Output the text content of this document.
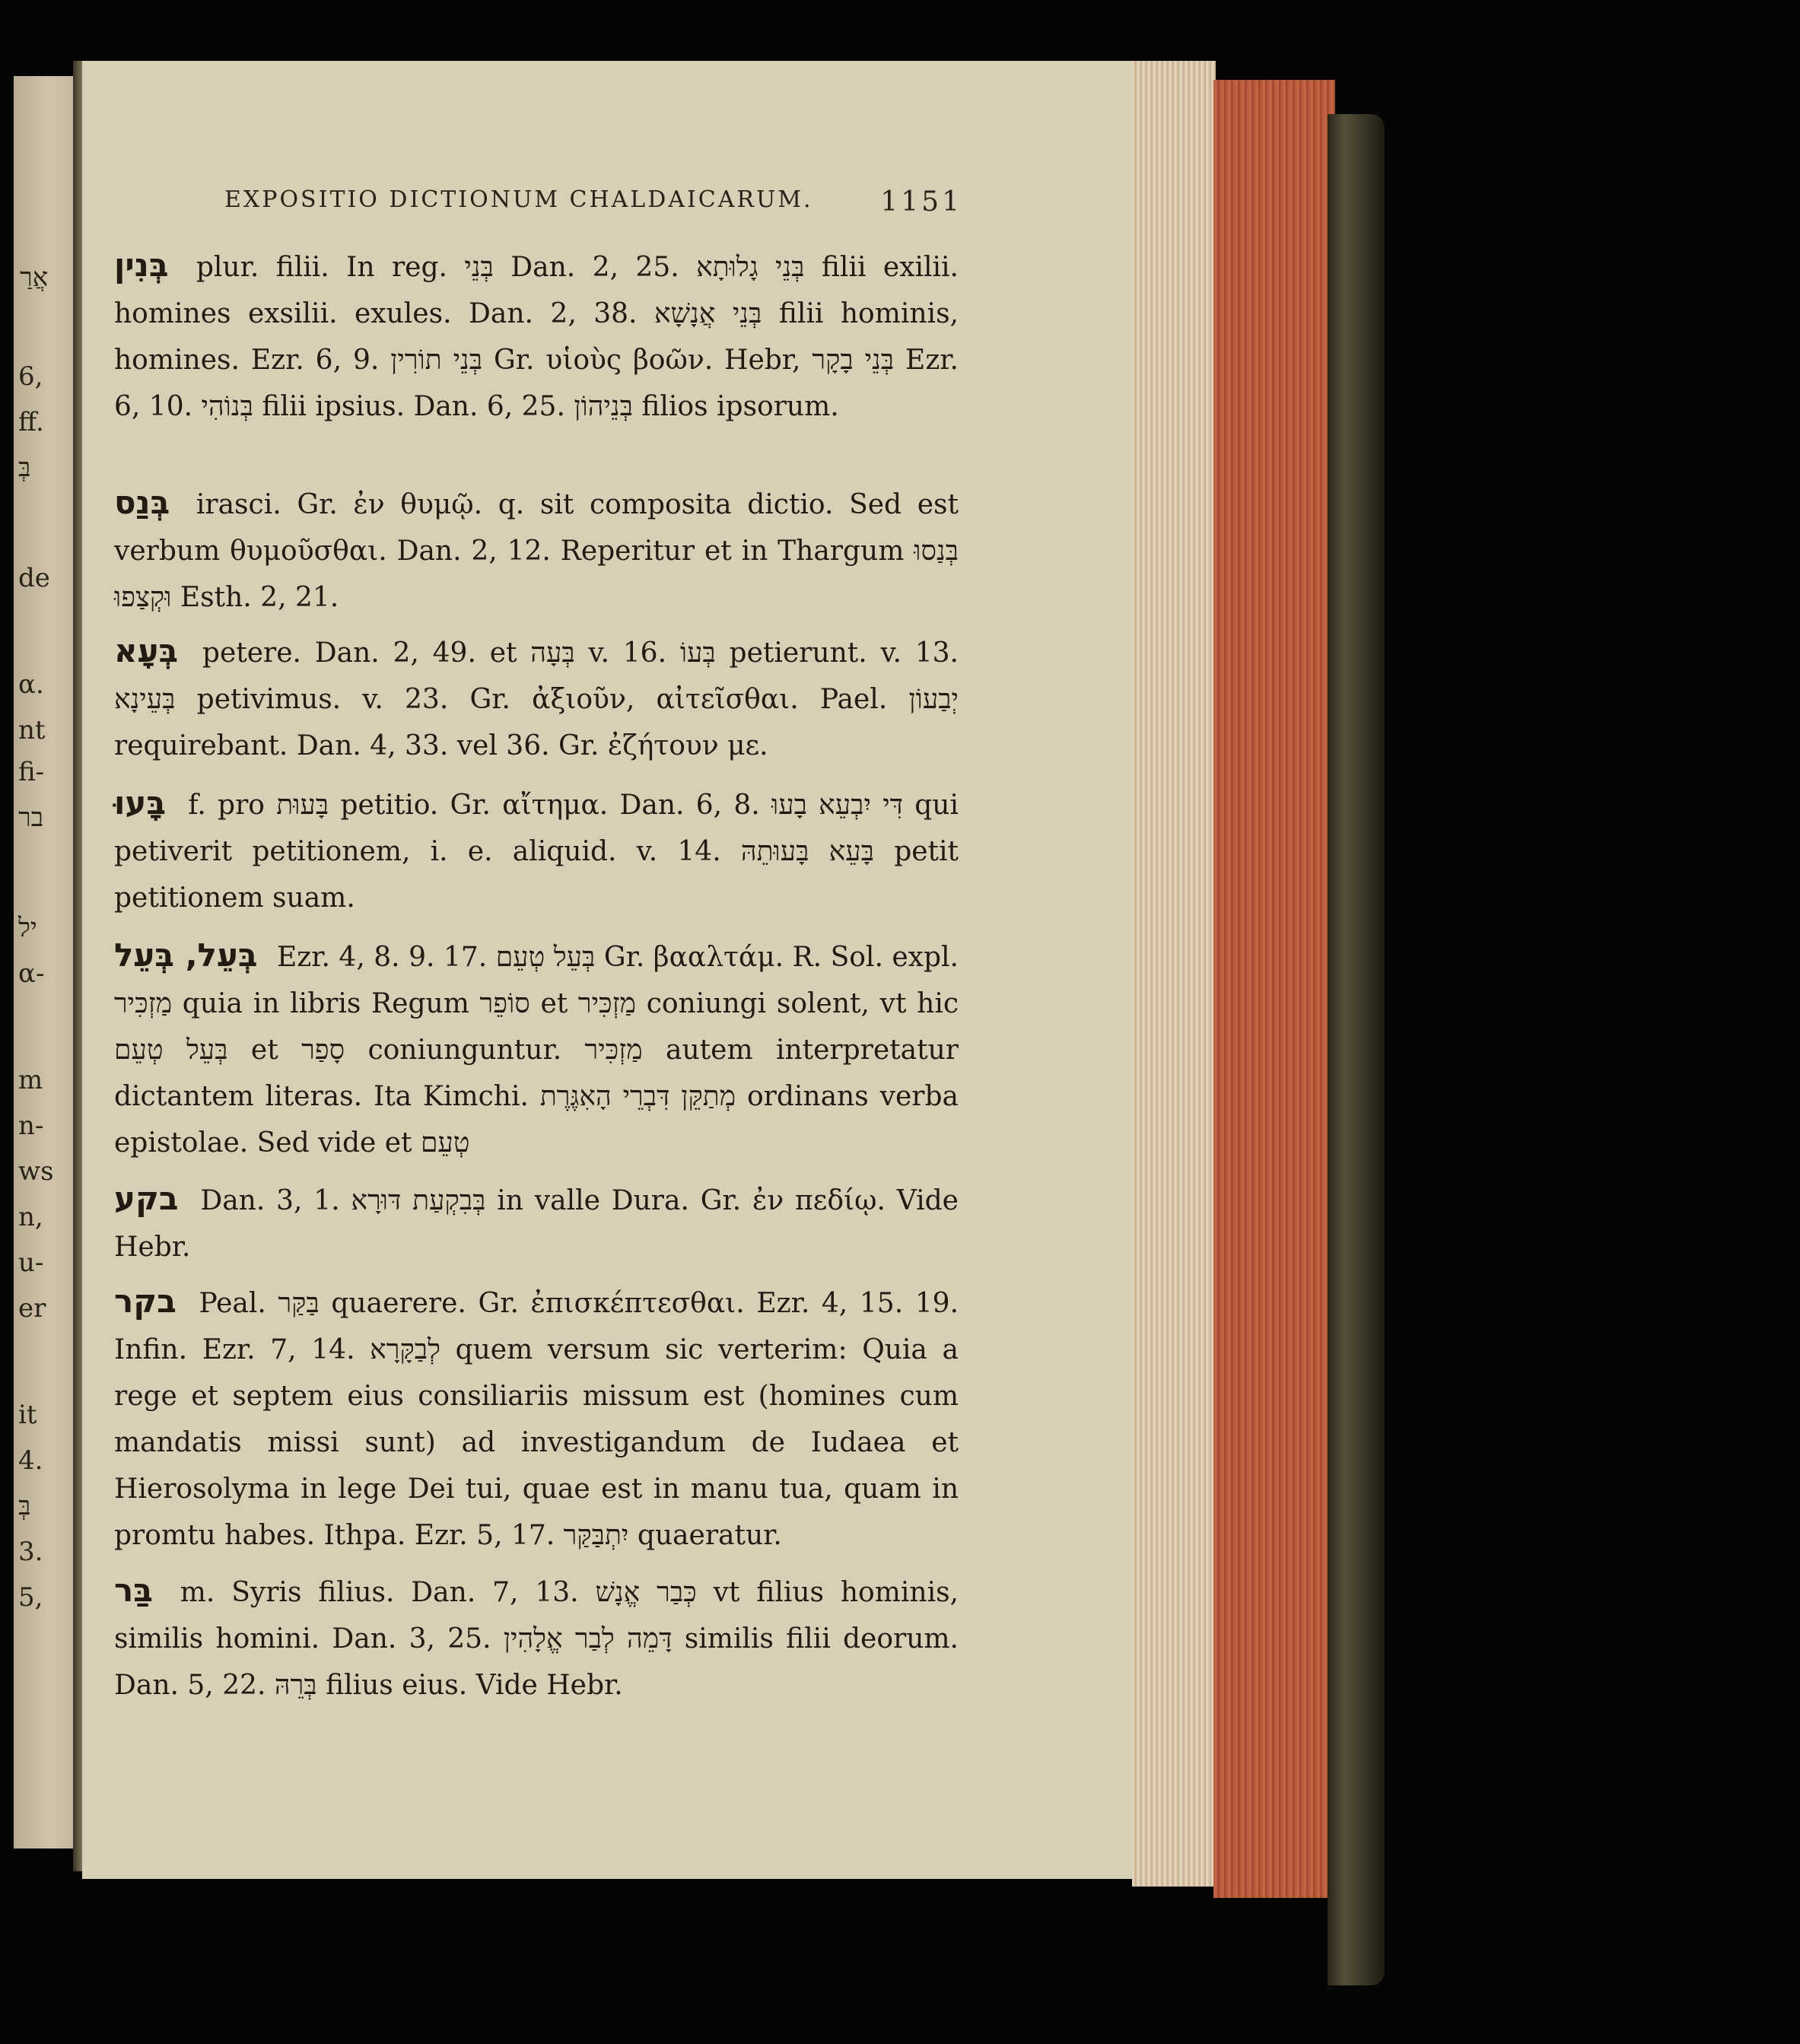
אֲרַ
6,
ff.
בְּ
de
α.
nt
fi-
בר
יל
α-
m
n-
ws
n,
u-
er
it
4.
בְּ
3.
5,
EXPOSITIO DICTIONUM CHALDAICARUM. 1151
בְּנִין plur. filii. In reg. בְּנֵי Dan. 2, 25. בְּנֵי גָלוּתָא filii exilii. homines exsilii. exules. Dan. 2, 38. בְּנֵי אֲנָשָׁא filii hominis, homines. Ezr. 6, 9. בְּנֵי תוֹרִין Gr. υἱοὺς βοῶν. Hebr, בְּנֵי בָקָר Ezr. 6, 10. בְּנוֹהִי filii ipsius. Dan. 6, 25. בְּנֵיהוֹן filios ipsorum.
בְּנַס irasci. Gr. ἐν θυμῷ. q. sit composita dictio. Sed est verbum θυμοῦσθαι. Dan. 2, 12. Reperitur et in Thargum בְּנַסוּ וּקְצַפוּ Esth. 2, 21.
בְּעָא petere. Dan. 2, 49. et בְּעָה v. 16. בְּעוֹ petierunt. v. 13. בְּעֵינָא petivimus. v. 23. Gr. ἀξιοῦν, αἰτεῖσθαι. Pael. יְבַעוֹן requirebant. Dan. 4, 33. vel 36. Gr. ἐζήτουν με.
בָּעוּ f. pro בָּעוּת petitio. Gr. αἴτημα. Dan. 6, 8. דִּי יִבְעֵא בָעוּ qui petiverit petitionem, i. e. aliquid. v. 14. בָּעֵא בָּעוּתֵהּ petit petitionem suam.
בְּעֵל, בְּעֵל Ezr. 4, 8. 9. 17. בְּעֵל טְעֵם Gr. βααλτάμ. R. Sol. expl. מַזְכִּיר quia in libris Regum סוֹפֵר et מַזְכִּיר coniungi solent, vt hic בְּעֵל טְעֵם et סָפַר coniunguntur. מַזְכִּיר autem interpretatur dictantem literas. Ita Kimchi. מְתַקֵּן דִּבְרֵי הָאִגֶּרֶת ordinans verba epistolae. Sed vide et טְעֵם
בקע Dan. 3, 1. בְּבִקְעַת דּוּרָא in valle Dura. Gr. ἐν πεδίῳ. Vide Hebr.
בקר Peal. בַּקַּר quaerere. Gr. ἐπισκέπτεσθαι. Ezr. 4, 15. 19. Infin. Ezr. 7, 14. לְבַקָּרָא quem versum sic verterim: Quia a rege et septem eius consiliariis missum est (homines cum mandatis missi sunt) ad investigandum de Iudaea et Hierosolyma in lege Dei tui, quae est in manu tua, quam in promtu habes. Ithpa. Ezr. 5, 17. יִתְבַּקַּר quaeratur.
בַּר m. Syris filius. Dan. 7, 13. כְּבַר אֱנָשׁ vt filius hominis, similis homini. Dan. 3, 25. דָּמֵה לְבַר אֱלָהִין similis filii deorum. Dan. 5, 22. בְּרֵהּ filius eius. Vide Hebr.
